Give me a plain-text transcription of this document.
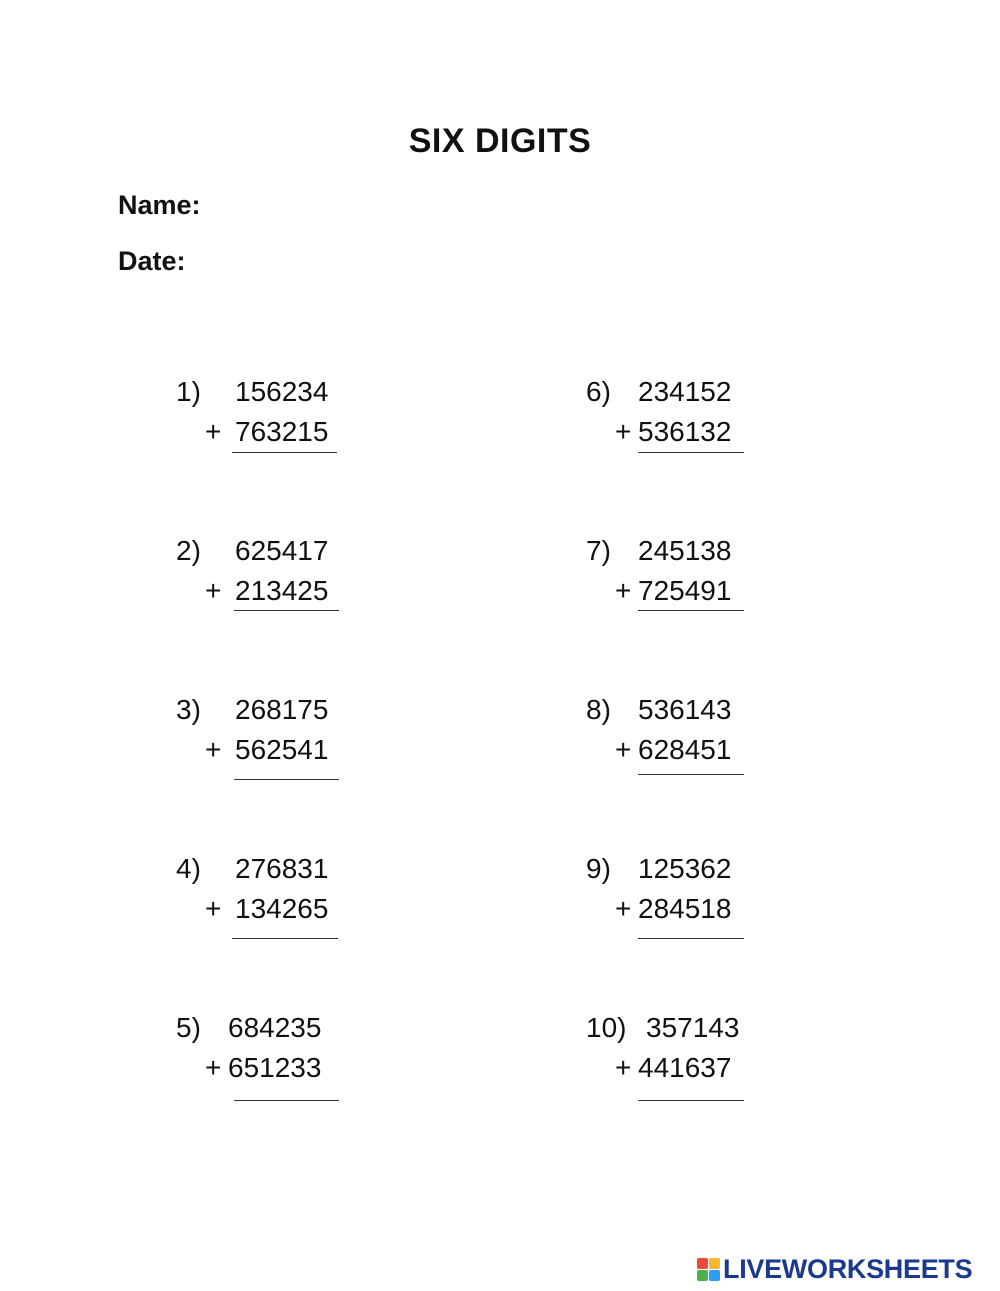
SIX DIGITS
Name:
Date:
1) 156234
+ 763215
2) 625417
+ 213425
3) 268175
+ 562541
4) 276831
+ 134265
5) 684235
+ 651233
6) 234152
+ 536132
7) 245138
+ 725491
8) 536143
+ 628451
9) 125362
+ 284518
10) 357143
+ 441637
LIVEWORKSHEETS
